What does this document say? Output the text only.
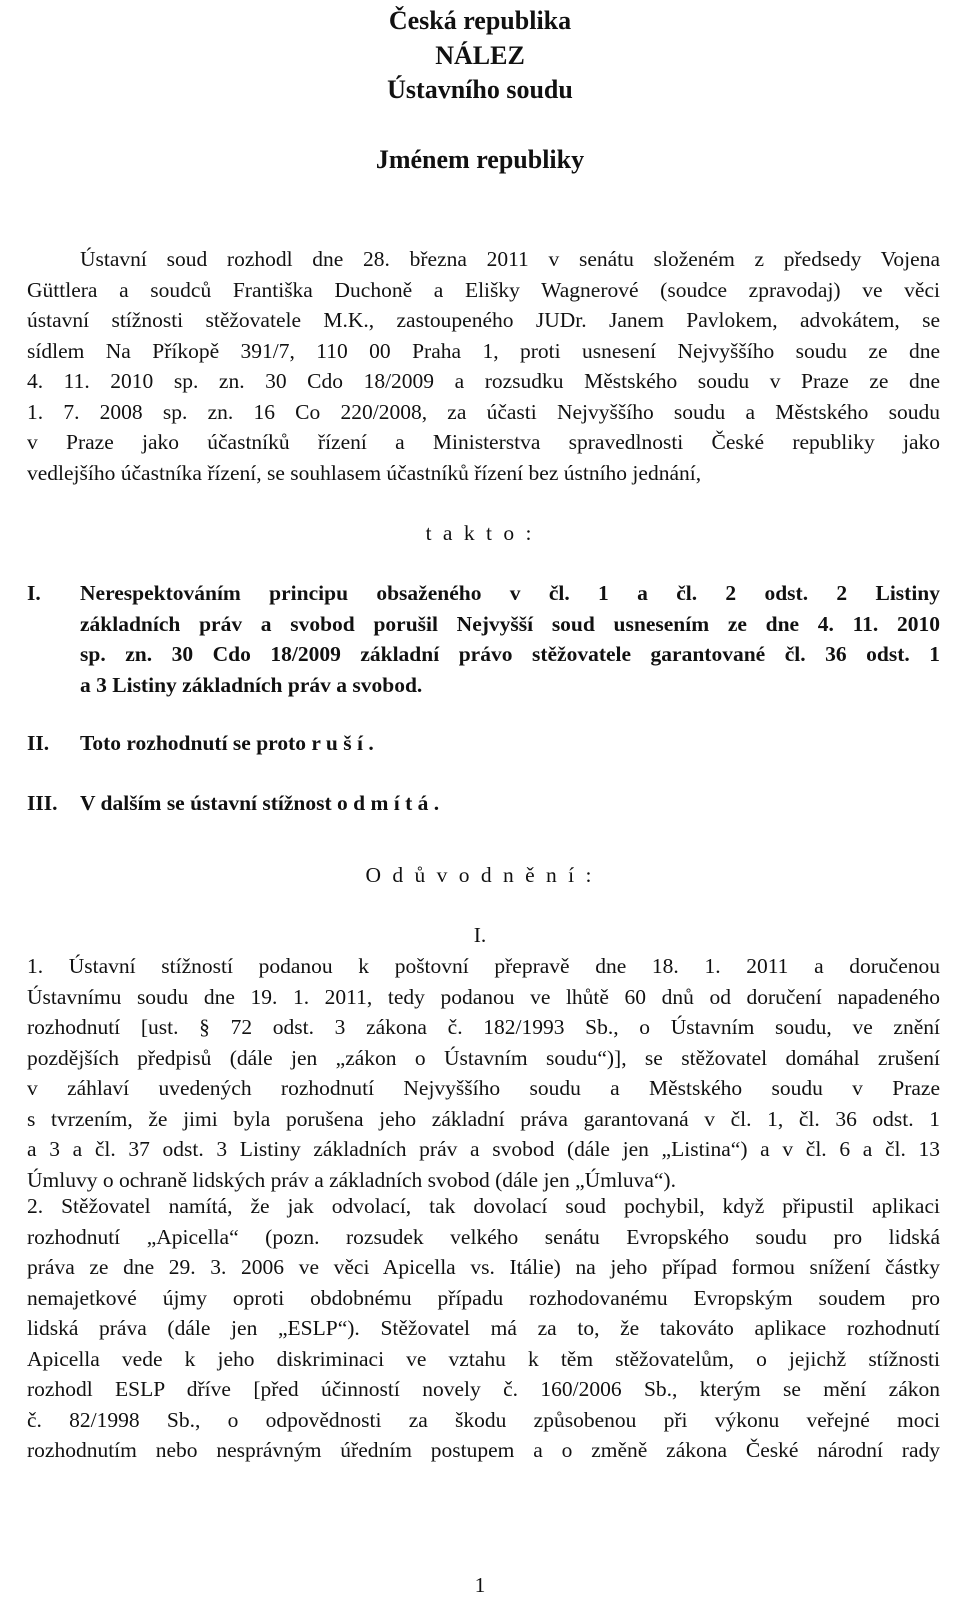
Česká republika
NÁLEZ
Ústavního soudu
Jménem republiky
Ústavní soud rozhodl dne 28. března 2011 v senátu složeném z předsedy Vojena
Güttlera a soudců Františka Duchoně a Elišky Wagnerové (soudce zpravodaj) ve věci
ústavní stížnosti stěžovatele M.K., zastoupeného JUDr. Janem Pavlokem, advokátem, se
sídlem Na Příkopě 391/7, 110 00 Praha 1, proti usnesení Nejvyššího soudu ze dne
4. 11. 2010 sp. zn. 30 Cdo 18/2009 a rozsudku Městského soudu v Praze ze dne
1. 7. 2008 sp. zn. 16 Co 220/2008, za účasti Nejvyššího soudu a Městského soudu
v Praze jako účastníků řízení a Ministerstva spravedlnosti České republiky jako
vedlejšího účastníka řízení, se souhlasem účastníků řízení bez ústního jednání,
t a k t o :
I. Nerespektováním principu obsaženého v čl. 1 a čl. 2 odst. 2 Listiny
základních práv a svobod porušil Nejvyšší soud usnesením ze dne 4. 11. 2010
sp. zn. 30 Cdo 18/2009 základní právo stěžovatele garantované čl. 36 odst. 1
a 3 Listiny základních práv a svobod.
II. Toto rozhodnutí se proto r u š í .
III. V dalším se ústavní stížnost o d m í t á .
O d ů v o d n ě n í :
I.
1. Ústavní stížností podanou k poštovní přepravě dne 18. 1. 2011 a doručenou
Ústavnímu soudu dne 19. 1. 2011, tedy podanou ve lhůtě 60 dnů od doručení napadeného
rozhodnutí [ust. § 72 odst. 3 zákona č. 182/1993 Sb., o Ústavním soudu, ve znění
pozdějších předpisů (dále jen „zákon o Ústavním soudu“)], se stěžovatel domáhal zrušení
v záhlaví uvedených rozhodnutí Nejvyššího soudu a Městského soudu v Praze
s tvrzením, že jimi byla porušena jeho základní práva garantovaná v čl. 1, čl. 36 odst. 1
a 3 a čl. 37 odst. 3 Listiny základních práv a svobod (dále jen „Listina“) a v čl. 6 a čl. 13
Úmluvy o ochraně lidských práv a základních svobod (dále jen „Úmluva“).
2. Stěžovatel namítá, že jak odvolací, tak dovolací soud pochybil, když připustil aplikaci
rozhodnutí „Apicella“ (pozn. rozsudek velkého senátu Evropského soudu pro lidská
práva ze dne 29. 3. 2006 ve věci Apicella vs. Itálie) na jeho případ formou snížení částky
nemajetkové újmy oproti obdobnému případu rozhodovanému Evropským soudem pro
lidská práva (dále jen „ESLP“). Stěžovatel má za to, že takováto aplikace rozhodnutí
Apicella vede k jeho diskriminaci ve vztahu k těm stěžovatelům, o jejichž stížnosti
rozhodl ESLP dříve [před účinností novely č. 160/2006 Sb., kterým se mění zákon
č. 82/1998 Sb., o odpovědnosti za škodu způsobenou při výkonu veřejné moci
rozhodnutím nebo nesprávným úředním postupem a o změně zákona České národní rady
1
